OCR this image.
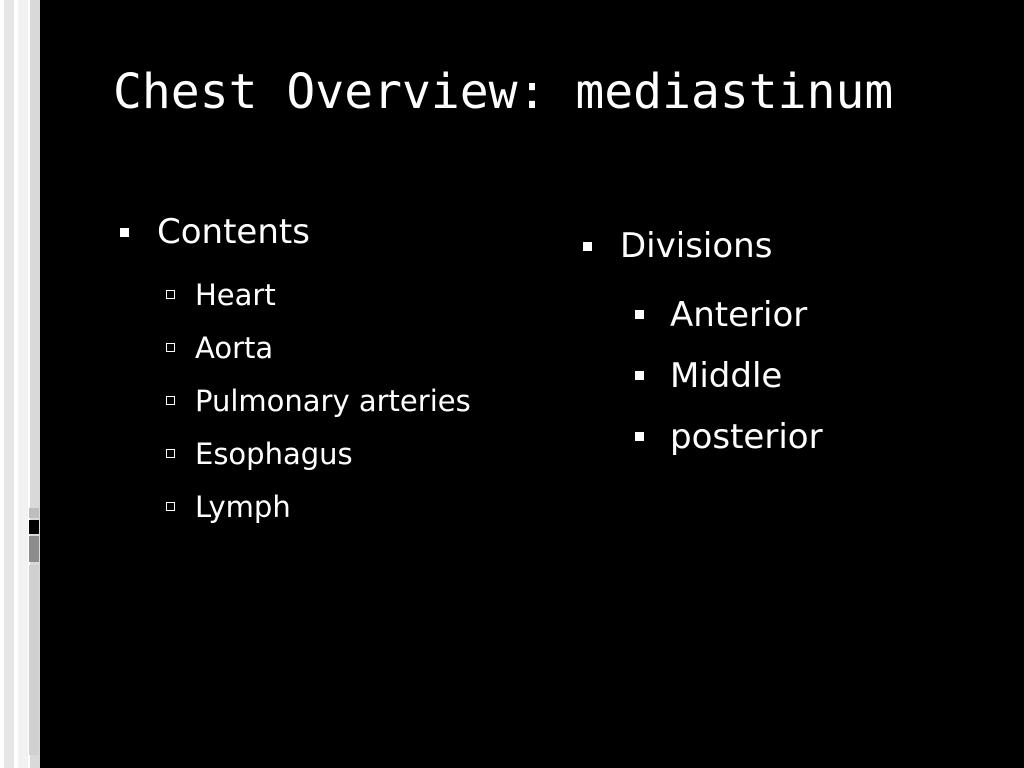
Chest Overview: mediastinum
Contents
Heart
Aorta
Pulmonary arteries
Esophagus
Lymph
Divisions
Anterior
Middle
posterior
